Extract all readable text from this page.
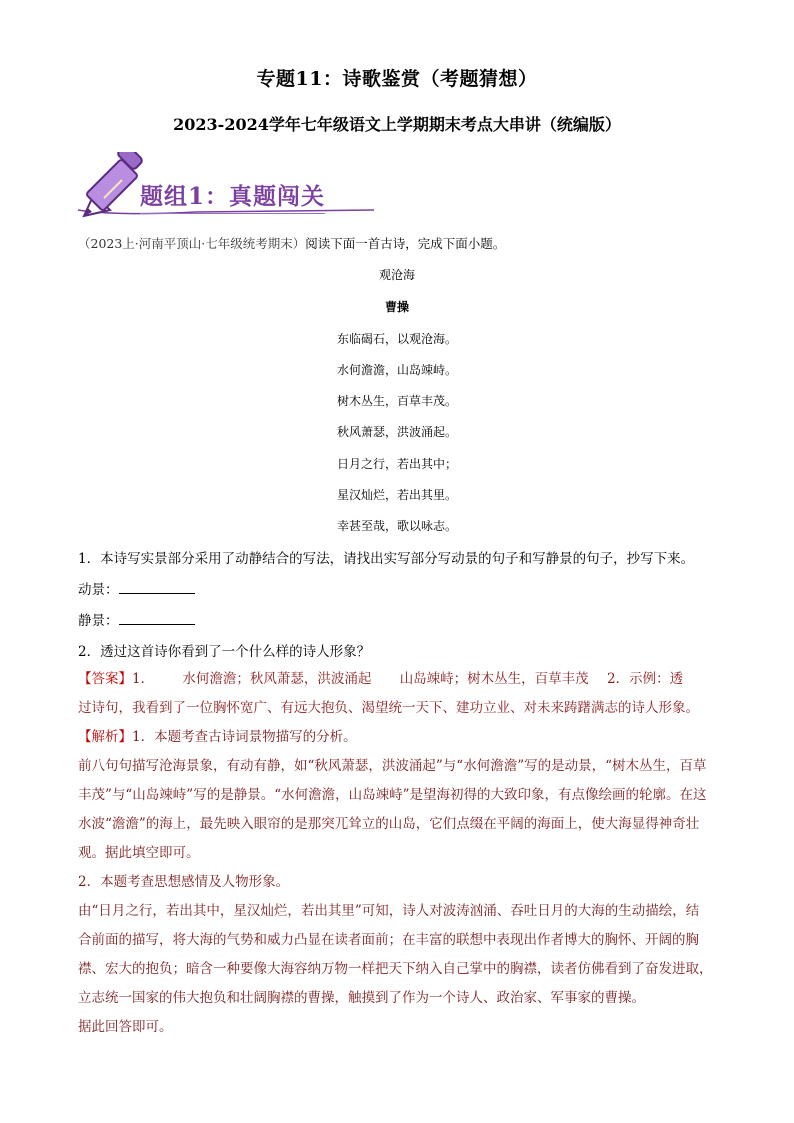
专题11：诗歌鉴赏（考题猜想）
2023-2024学年七年级语文上学期期末考点大串讲（统编版）
题组1：真题闯关
（2023上·河南平顶山·七年级统考期末）阅读下面一首古诗，完成下面小题。
观沧海
曹操
东临碣石，以观沧海。
水何澹澹，山岛竦峙。
树木丛生，百草丰茂。
秋风萧瑟，洪波涌起。
日月之行，若出其中；
星汉灿烂，若出其里。
幸甚至哉，歌以咏志。
1．本诗写实景部分采用了动静结合的写法，请找出实写部分写动景的句子和写静景的句子，抄写下来。
动景：
静景：
2．透过这首诗你看到了一个什么样的诗人形象？
【答案】1． 水何澹澹；秋风萧瑟，洪波涌起 山岛竦峙；树木丛生，百草丰茂 2．示例：透
过诗句，我看到了一位胸怀宽广、有远大抱负、渴望统一天下、建功立业、对未来踌躇满志的诗人形象。
【解析】1．本题考查古诗词景物描写的分析。
前八句句描写沧海景象，有动有静，如“秋风萧瑟，洪波涌起”与“水何澹澹”写的是动景，“树木丛生，百草
丰茂”与“山岛竦峙”写的是静景。“水何澹澹，山岛竦峙”是望海初得的大致印象，有点像绘画的轮廓。在这
水波“澹澹”的海上，最先映入眼帘的是那突兀耸立的山岛，它们点缀在平阔的海面上，使大海显得神奇壮
观。据此填空即可。
2．本题考查思想感情及人物形象。
由“日月之行，若出其中，星汉灿烂，若出其里”可知，诗人对波涛汹涌、吞吐日月的大海的生动描绘，结
合前面的描写，将大海的气势和威力凸显在读者面前；在丰富的联想中表现出作者博大的胸怀、开阔的胸
襟、宏大的抱负；暗含一种要像大海容纳万物一样把天下纳入自己掌中的胸襟，读者仿佛看到了奋发进取，
立志统一国家的伟大抱负和壮阔胸襟的曹操，触摸到了作为一个诗人、政治家、军事家的曹操。
据此回答即可。
